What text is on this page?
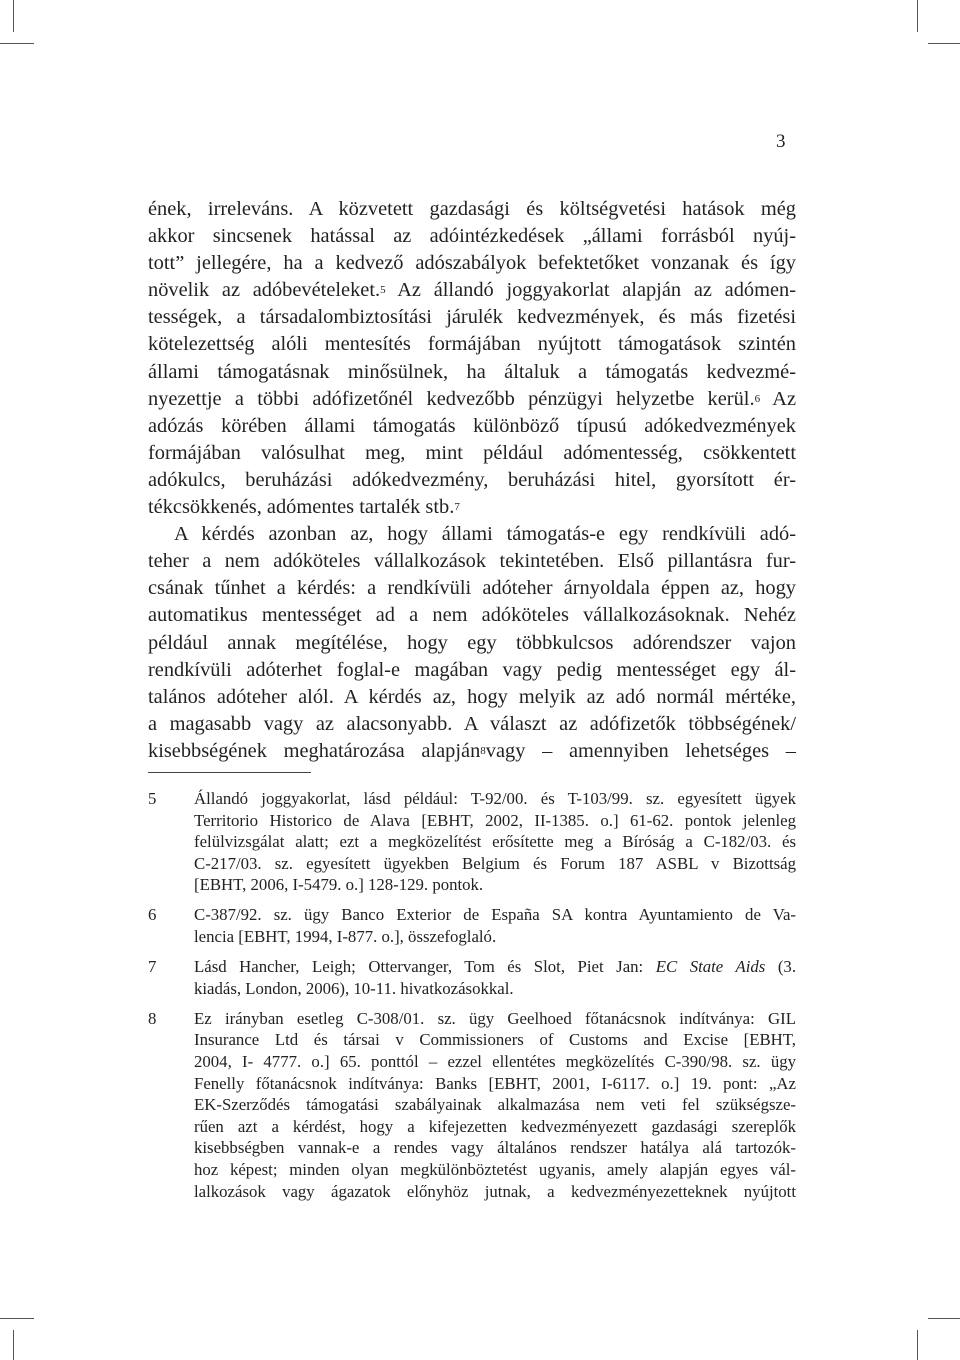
3
ének, irreleváns. A közvetett gazdasági és költségvetési hatások még
akkor sincsenek hatással az adóintézkedések „állami forrásból nyúj-
tott” jellegére, ha a kedvező adószabályok befektetőket vonzanak és így
növelik az adóbevételeket.$^5$ Az állandó joggyakorlat alapján az adómen-
tességek, a társadalombiztosítási járulék kedvezmények, és más fizetési
kötelezettség alóli mentesítés formájában nyújtott támogatások szintén
állami támogatásnak minősülnek, ha általuk a támogatás kedvezmé-
nyezettje a többi adófizetőnél kedvezőbb pénzügyi helyzetbe kerül.$^6$ Az
adózás körében állami támogatás különböző típusú adókedvezmények
formájában valósulhat meg, mint például adómentesség, csökkentett
adókulcs, beruházási adókedvezmény, beruházási hitel, gyorsított ér-
tékcsökkenés, adómentes tartalék stb.$^7$
A kérdés azonban az, hogy állami támogatás-e egy rendkívüli adó-
teher a nem adóköteles vállalkozások tekintetében. Első pillantásra fur-
csának tűnhet a kérdés: a rendkívüli adóteher árnyoldala éppen az, hogy
automatikus mentességet ad a nem adóköteles vállalkozásoknak. Nehéz
például annak megítélése, hogy egy többkulcsos adórendszer vajon
rendkívüli adóterhet foglal-e magában vagy pedig mentességet egy ál-
talános adóteher alól. A kérdés az, hogy melyik az adó normál mértéke,
a magasabb vagy az alacsonyabb. A választ az adófizetők többségének/
kisebbségének meghatározása alapján$^8$vagy – amennyiben lehetséges –
5 Állandó joggyakorlat, lásd például: T-92/00. és T-103/99. sz. egyesített ügyek
Territorio Historico de Alava [EBHT, 2002, II-1385. o.] 61-62. pontok jelenleg
felülvizsgálat alatt; ezt a megközelítést erősítette meg a Bíróság a C-182/03. és
C-217/03. sz. egyesített ügyekben Belgium és Forum 187 ASBL v Bizottság
[EBHT, 2006, I-5479. o.] 128-129. pontok.
6 C-387/92. sz. ügy Banco Exterior de España SA kontra Ayuntamiento de Va-
lencia [EBHT, 1994, I-877. o.], összefoglaló.
7 Lásd Hancher, Leigh; Ottervanger, Tom és Slot, Piet Jan: EC State Aids (3.
kiadás, London, 2006), 10-11. hivatkozásokkal.
8 Ez irányban esetleg C-308/01. sz. ügy Geelhoed főtanácsnok indítványa: GIL
Insurance Ltd és társai v Commissioners of Customs and Excise [EBHT,
2004, I- 4777. o.] 65. ponttól – ezzel ellentétes megközelítés C-390/98. sz. ügy
Fenelly főtanácsnok indítványa: Banks [EBHT, 2001, I-6117. o.] 19. pont: „Az
EK-Szerződés támogatási szabályainak alkalmazása nem veti fel szükségsze-
rűen azt a kérdést, hogy a kifejezetten kedvezményezett gazdasági szereplők
kisebbségben vannak-e a rendes vagy általános rendszer hatálya alá tartozók-
hoz képest; minden olyan megkülönböztetést ugyanis, amely alapján egyes vál-
lalkozások vagy ágazatok előnyhöz jutnak, a kedvezményezetteknek nyújtott
